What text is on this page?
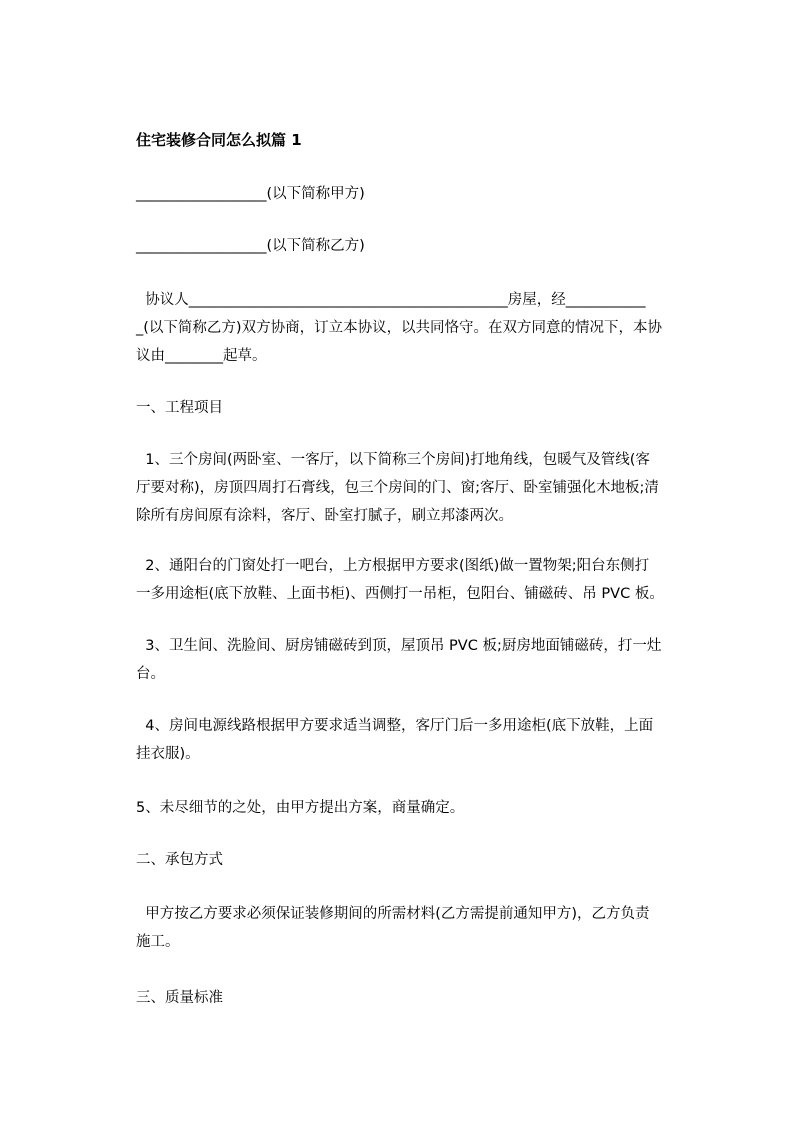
住宅装修合同怎么拟篇 1
__________________(以下简称甲方)
__________________(以下简称乙方)
协议人____________________________________________房屋，经___________
_(以下简称乙方)双方协商，订立本协议，以共同恪守。在双方同意的情况下，本协
议由________起草。
一、工程项目
1、三个房间(两卧室、一客厅，以下简称三个房间)打地角线，包暖气及管线(客
厅要对称)，房顶四周打石膏线，包三个房间的门、窗;客厅、卧室铺强化木地板;清
除所有房间原有涂料，客厅、卧室打腻子，刷立邦漆两次。
2、通阳台的门窗处打一吧台，上方根据甲方要求(图纸)做一置物架;阳台东侧打
一多用途柜(底下放鞋、上面书柜)、西侧打一吊柜，包阳台、铺磁砖、吊 PVC 板。
3、卫生间、洗脸间、厨房铺磁砖到顶，屋顶吊 PVC 板;厨房地面铺磁砖，打一灶
台。
4、房间电源线路根据甲方要求适当调整，客厅门后一多用途柜(底下放鞋，上面
挂衣服)。
5、未尽细节的之处，由甲方提出方案，商量确定。
二、承包方式
甲方按乙方要求必须保证装修期间的所需材料(乙方需提前通知甲方)，乙方负责
施工。
三、质量标准
